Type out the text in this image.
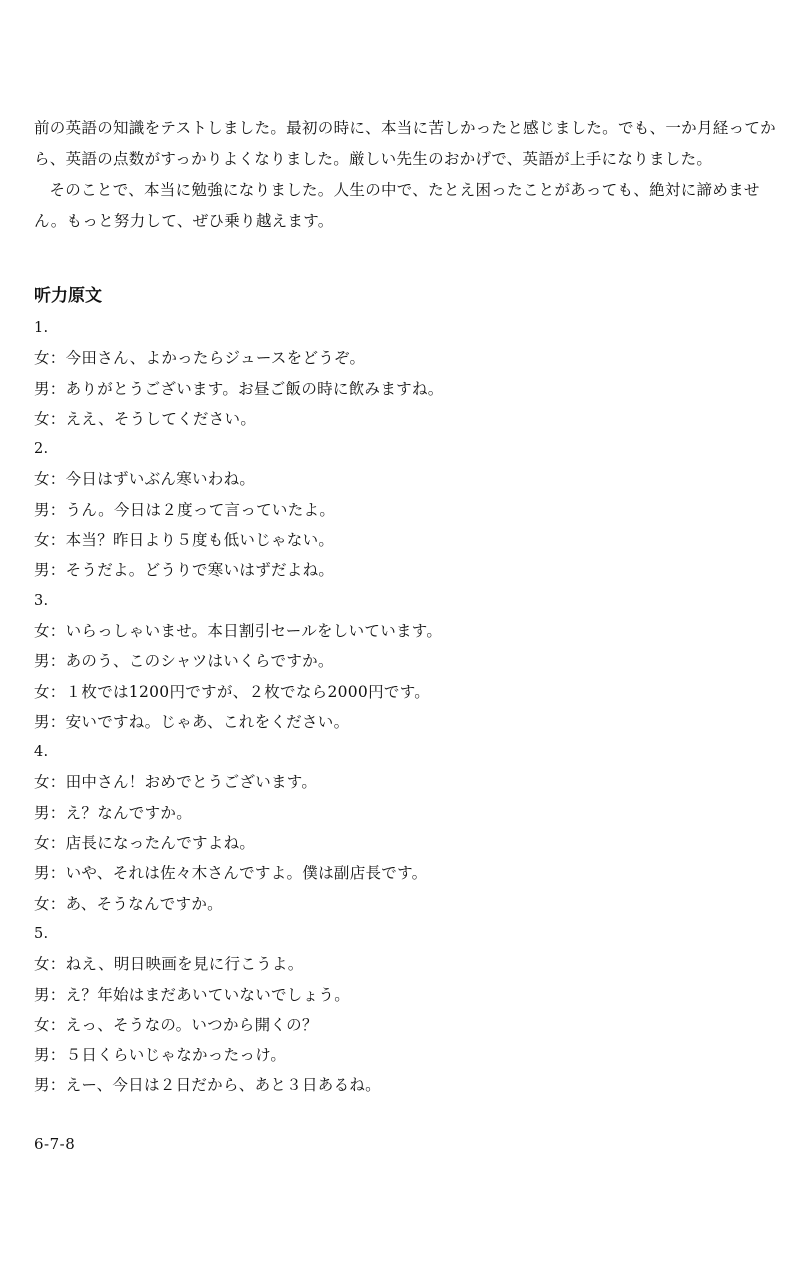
前の英語の知識をテストしました。最初の時に、本当に苦しかったと感じました。でも、一か月経ってから、英語の点数がすっかりよくなりました。厳しい先生のおかげで、英語が上手になりました。

そのことで、本当に勉強になりました。人生の中で、たとえ困ったことがあっても、絶対に諦めません。もっと努力して、ぜひ乗り越えます。

听力原文
1.
女：今田さん、よかったらジュースをどうぞ。
男：ありがとうございます。お昼ご飯の時に飲みますね。
女：ええ、そうしてください。
2.
女：今日はずいぶん寒いわね。
男：うん。今日は２度って言っていたよ。
女：本当？昨日より５度も低いじゃない。
男：そうだよ。どうりで寒いはずだよね。
3.
女：いらっしゃいませ。本日割引セールをしいています。
男：あのう、このシャツはいくらですか。
女：１枚では1200円ですが、２枚でなら2000円です。
男：安いですね。じゃあ、これをください。
4.
女：田中さん！おめでとうございます。
男：え？なんですか。
女：店長になったんですよね。
男：いや、それは佐々木さんですよ。僕は副店長です。
女：あ、そうなんですか。
5.
女：ねえ、明日映画を見に行こうよ。
男：え？年始はまだあいていないでしょう。
女：えっ、そうなの。いつから開くの？
男：５日くらいじゃなかったっけ。
男：えー、今日は２日だから、あと３日あるね。
6-7-8
